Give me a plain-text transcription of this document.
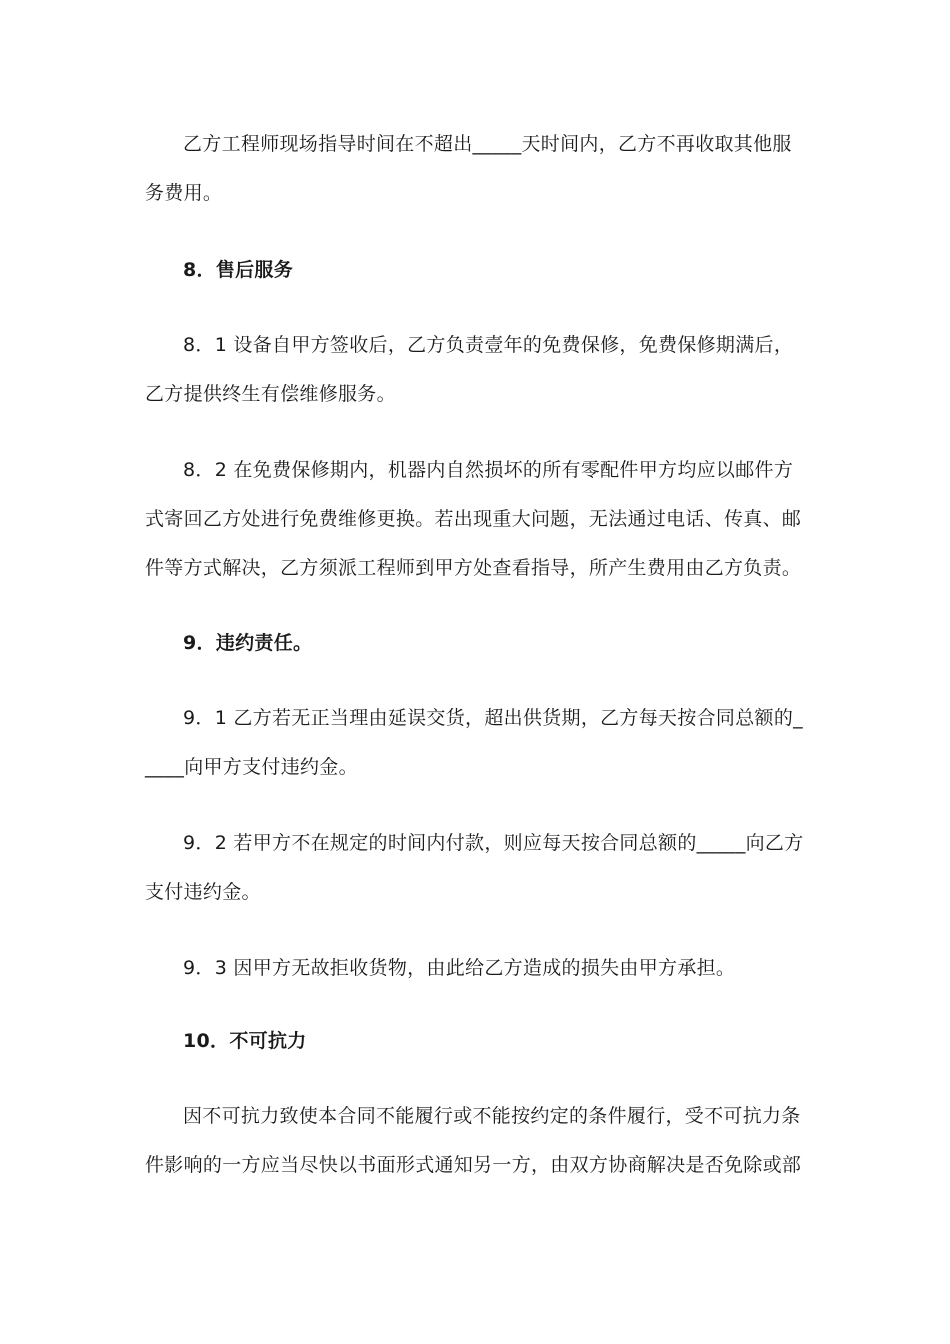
乙方工程师现场指导时间在不超出_____天时间内，乙方不再收取其他服务费用。
8．售后服务
8．1 设备自甲方签收后，乙方负责壹年的免费保修，免费保修期满后，乙方提供终生有偿维修服务。
8．2 在免费保修期内，机器内自然损坏的所有零配件甲方均应以邮件方式寄回乙方处进行免费维修更换。若出现重大问题，无法通过电话、传真、邮件等方式解决，乙方须派工程师到甲方处查看指导，所产生费用由乙方负责。
9．违约责任。
9．1 乙方若无正当理由延误交货，超出供货期，乙方每天按合同总额的_____向甲方支付违约金。
9．2 若甲方不在规定的时间内付款，则应每天按合同总额的_____向乙方支付违约金。
9．3 因甲方无故拒收货物，由此给乙方造成的损失由甲方承担。
10．不可抗力
因不可抗力致使本合同不能履行或不能按约定的条件履行，受不可抗力条件影响的一方应当尽快以书面形式通知另一方，由双方协商解决是否免除或部
